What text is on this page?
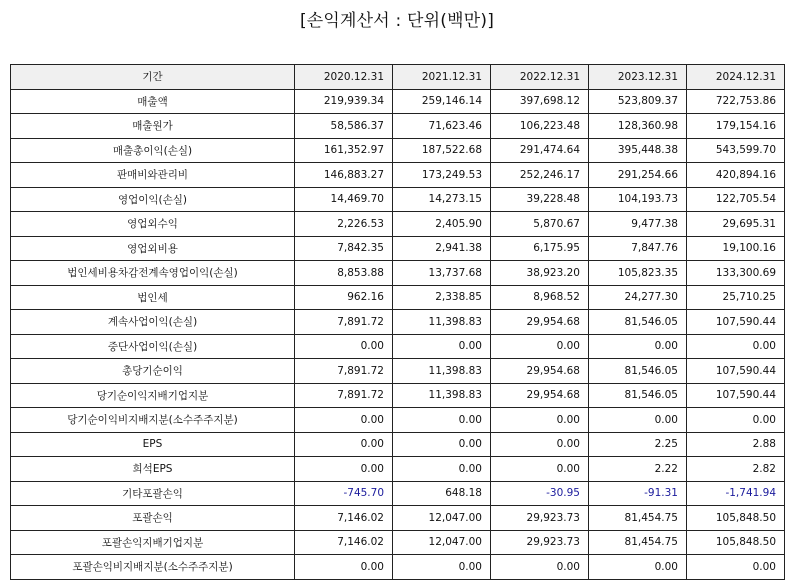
[손익계산서 : 단위(백만)]
기간	2020.12.31	2021.12.31	2022.12.31	2023.12.31	2024.12.31
매출액	219,939.34	259,146.14	397,698.12	523,809.37	722,753.86
매출원가	58,586.37	71,623.46	106,223.48	128,360.98	179,154.16
매출총이익(손실)	161,352.97	187,522.68	291,474.64	395,448.38	543,599.70
판매비와관리비	146,883.27	173,249.53	252,246.17	291,254.66	420,894.16
영업이익(손실)	14,469.70	14,273.15	39,228.48	104,193.73	122,705.54
영업외수익	2,226.53	2,405.90	5,870.67	9,477.38	29,695.31
영업외비용	7,842.35	2,941.38	6,175.95	7,847.76	19,100.16
법인세비용차감전계속영업이익(손실)	8,853.88	13,737.68	38,923.20	105,823.35	133,300.69
법인세	962.16	2,338.85	8,968.52	24,277.30	25,710.25
계속사업이익(손실)	7,891.72	11,398.83	29,954.68	81,546.05	107,590.44
중단사업이익(손실)	0.00	0.00	0.00	0.00	0.00
총당기순이익	7,891.72	11,398.83	29,954.68	81,546.05	107,590.44
당기순이익지배기업지분	7,891.72	11,398.83	29,954.68	81,546.05	107,590.44
당기순이익비지배지분(소수주주지분)	0.00	0.00	0.00	0.00	0.00
EPS	0.00	0.00	0.00	2.25	2.88
희석EPS	0.00	0.00	0.00	2.22	2.82
기타포괄손익	-745.70	648.18	-30.95	-91.31	-1,741.94
포괄손익	7,146.02	12,047.00	29,923.73	81,454.75	105,848.50
포괄손익지배기업지분	7,146.02	12,047.00	29,923.73	81,454.75	105,848.50
포괄손익비지배지분(소수주주지분)	0.00	0.00	0.00	0.00	0.00
